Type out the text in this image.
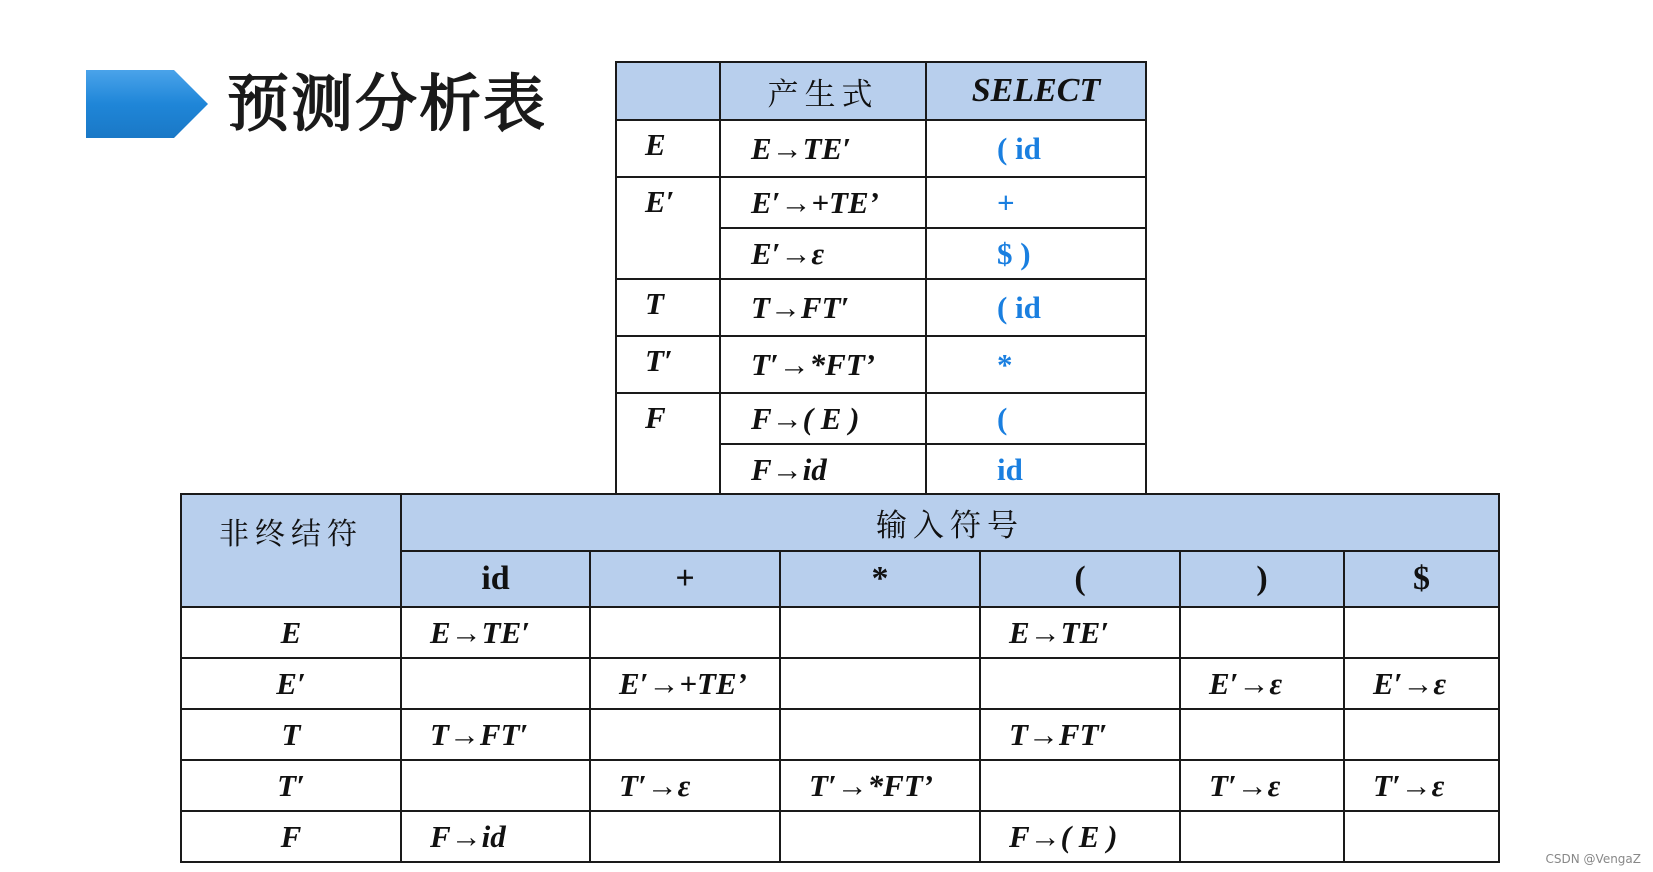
预测分析表
		产生式	SELECT
E	E→TE′	( id
E′	E′→+TE’	+
	E′→ε	$ )
T	T→FT′	( id
T′	T′→*FT’	*
F	F→( E )	(
	F→id	id
非终结符	输入符号					
	id	+	*	(	)	$
E	E→TE′			E→TE′		
E′		E′→+TE’			E′→ε	E′→ε
T	T→FT′			T→FT′		
T′		T′→ε	T′→*FT’		T′→ε	T′→ε
F	F→id			F→( E )		
CSDN @VengaZ
